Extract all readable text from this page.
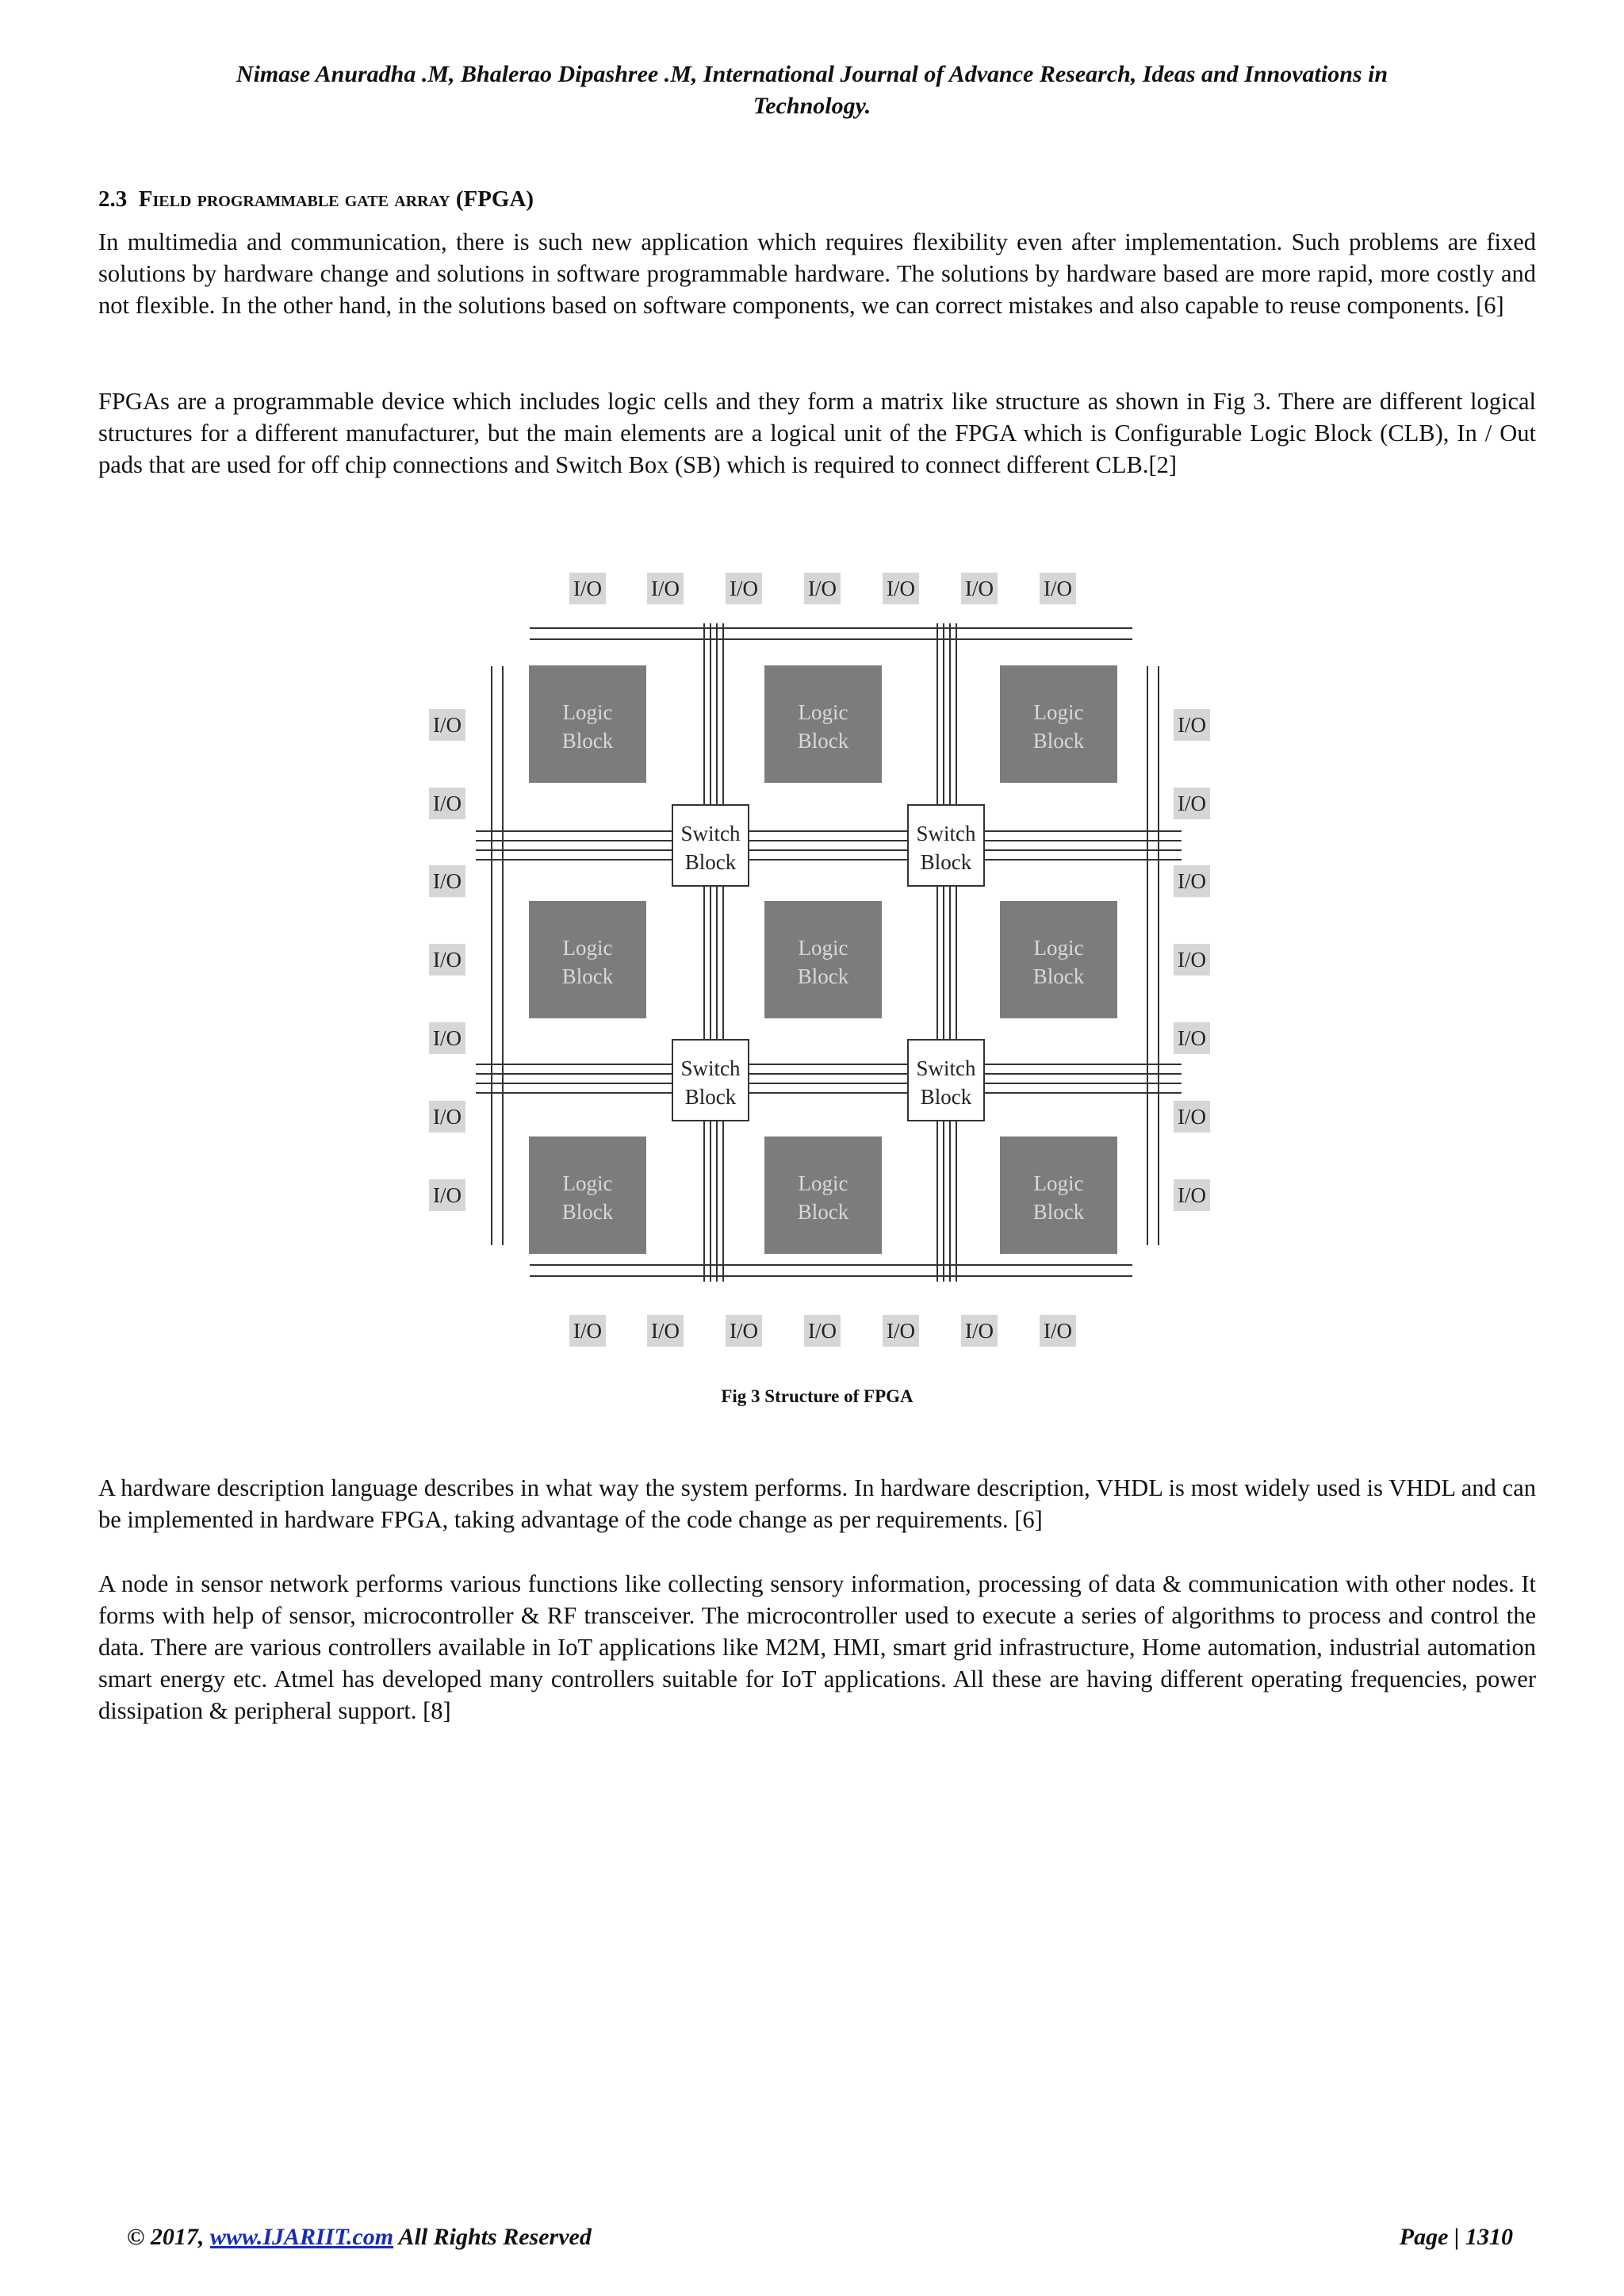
Nimase Anuradha .M, Bhalerao Dipashree .M, International Journal of Advance Research, Ideas and Innovations in
Technology.
2.3 Field programmable gate array (FPGA)

In multimedia and communication, there is such new application which requires flexibility even after implementation. Such problems are fixed solutions by hardware change and solutions in software programmable hardware. The solutions by hardware based are more rapid, more costly and not flexible. In the other hand, in the solutions based on software components, we can correct mistakes and also capable to reuse components. [6]

FPGAs are a programmable device which includes logic cells and they form a matrix like structure as shown in Fig 3. There are different logical structures for a different manufacturer, but the main elements are a logical unit of the FPGA which is Configurable Logic Block (CLB), In / Out pads that are used for off chip connections and Switch Box (SB) which is required to connect different CLB.[2]

I/O
I/O
I/O
I/O
I/O
I/O
I/O
I/O
I/O
I/O
I/O
I/O
I/O
I/O
I/O	I/O
I/O	I/O
I/O	I/O
I/O	I/O
I/O	I/O
I/O	I/O
I/O	I/O
Logic
Block
Logic
Block
Logic
Block
Logic
Block
Logic
Block
Logic
Block
Logic
Block
Logic
Block
Logic
Block
Switch
Block
Switch
Block
Switch
Block
Switch
Block
Fig 3 Structure of FPGA

A hardware description language describes in what way the system performs. In hardware description, VHDL is most widely used is VHDL and can be implemented in hardware FPGA, taking advantage of the code change as per requirements. [6]

A node in sensor network performs various functions like collecting sensory information, processing of data & communication with other nodes. It forms with help of sensor, microcontroller & RF transceiver. The microcontroller used to execute a series of algorithms to process and control the data. There are various controllers available in IoT applications like M2M, HMI, smart grid infrastructure, Home automation, industrial automation smart energy etc. Atmel has developed many controllers suitable for IoT applications. All these are having different operating frequencies, power dissipation & peripheral support. [8]

© 2017, www.IJARIIT.com All Rights Reserved	Page | 1310
